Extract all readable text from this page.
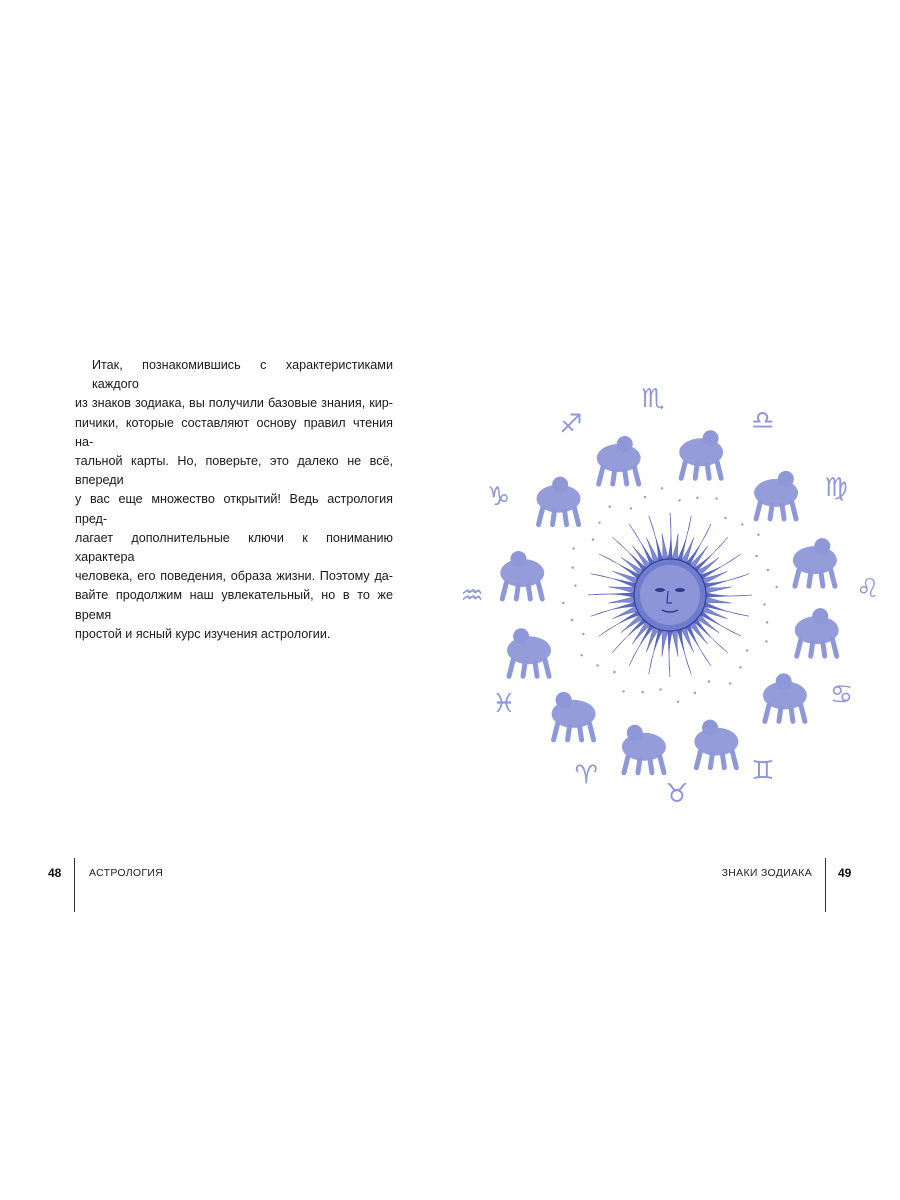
Итак, познакомившись с характеристиками каждого
из знаков зодиака, вы получили базовые знания, кир-
пичики, которые составляют основу правил чтения на-
тальной карты. Но, поверьте, это далеко не всё, впереди
у вас еще множество открытий! Ведь астрология пред-
лагает дополнительные ключи к пониманию характера
человека, его поведения, образа жизни. Поэтому да-
вайте продолжим наш увлекательный, но в то же время
простой и ясный курс изучения астрологии.

♏
♎
♍
♌
♋
♊
♉
♈
♓
♒
♑
♐
48	АСТРОЛОГИЯ	ЗНАКИ ЗОДИАКА 49
